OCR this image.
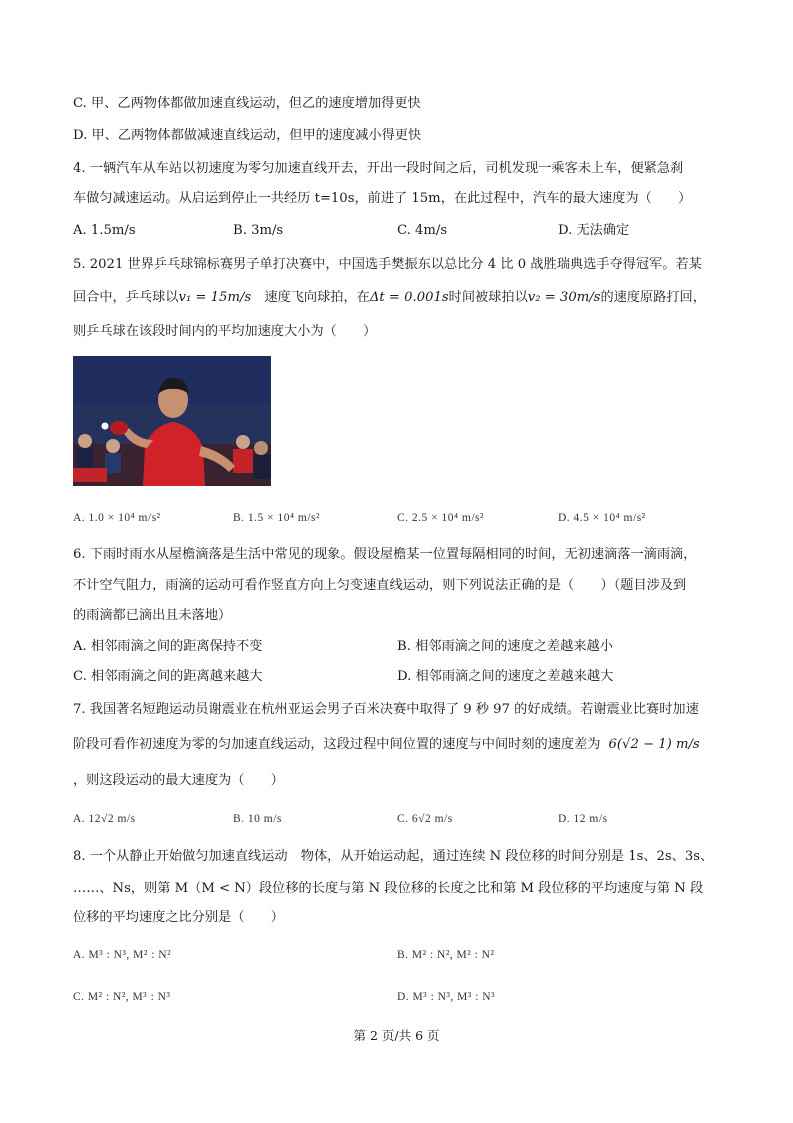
C. 甲、乙两物体都做加速直线运动，但乙的速度增加得更快
D. 甲、乙两物体都做减速直线运动，但甲的速度减小得更快
4. 一辆汽车从车站以初速度为零匀加速直线开去，开出一段时间之后，司机发现一乘客未上车，便紧急刹
车做匀减速运动。从启运到停止一共经历 t=10s，前进了 15m，在此过程中，汽车的最大速度为（　　）
A. 1.5m/s	B. 3m/s	C. 4m/s	D. 无法确定
5. 2021 世界乒乓球锦标赛男子单打决赛中，中国选手樊振东以总比分 4 比 0 战胜瑞典选手夺得冠军。若某
回合中，乒乓球以v₁ = 15m/s　速度飞向球拍，在Δt = 0.001s时间被球拍以v₂ = 30m/s的速度原路打回，
则乒乓球在该段时间内的平均加速度大小为（　　）
A. 1.0 × 10⁴ m/s²	B. 1.5 × 10⁴ m/s²	C. 2.5 × 10⁴ m/s²	D. 4.5 × 10⁴ m/s²
6. 下雨时雨水从屋檐滴落是生活中常见的现象。假设屋檐某一位置每隔相同的时间，无初速滴落一滴雨滴，
不计空气阻力，雨滴的运动可看作竖直方向上匀变速直线运动，则下列说法正确的是（　　）（题目涉及到
的雨滴都已滴出且未落地）
A. 相邻雨滴之间的距离保持不变	B. 相邻雨滴之间的速度之差越来越小
C. 相邻雨滴之间的距离越来越大	D. 相邻雨滴之间的速度之差越来越大
7. 我国著名短跑运动员谢震业在杭州亚运会男子百米决赛中取得了 9 秒 97 的好成绩。若谢震业比赛时加速
阶段可看作初速度为零的匀加速直线运动，这段过程中间位置的速度与中间时刻的速度差为 6(√2 − 1) m/s
，则这段运动的最大速度为（　　）
A. 12√2 m/s	B. 10 m/s	C. 6√2 m/s	D. 12 m/s
8. 一个从静止开始做匀加速直线运动　物体，从开始运动起，通过连续 N 段位移的时间分别是 1s、2s、3s、
……、Ns，则第 M（M < N）段位移的长度与第 N 段位移的长度之比和第 M 段位移的平均速度与第 N 段
位移的平均速度之比分别是（　　）
A. M³ : N³, M² : N²	B. M² : N², M² : N²
C. M² : N², M³ : N³	D. M³ : N³, M³ : N³
第 2 页/共 6 页
